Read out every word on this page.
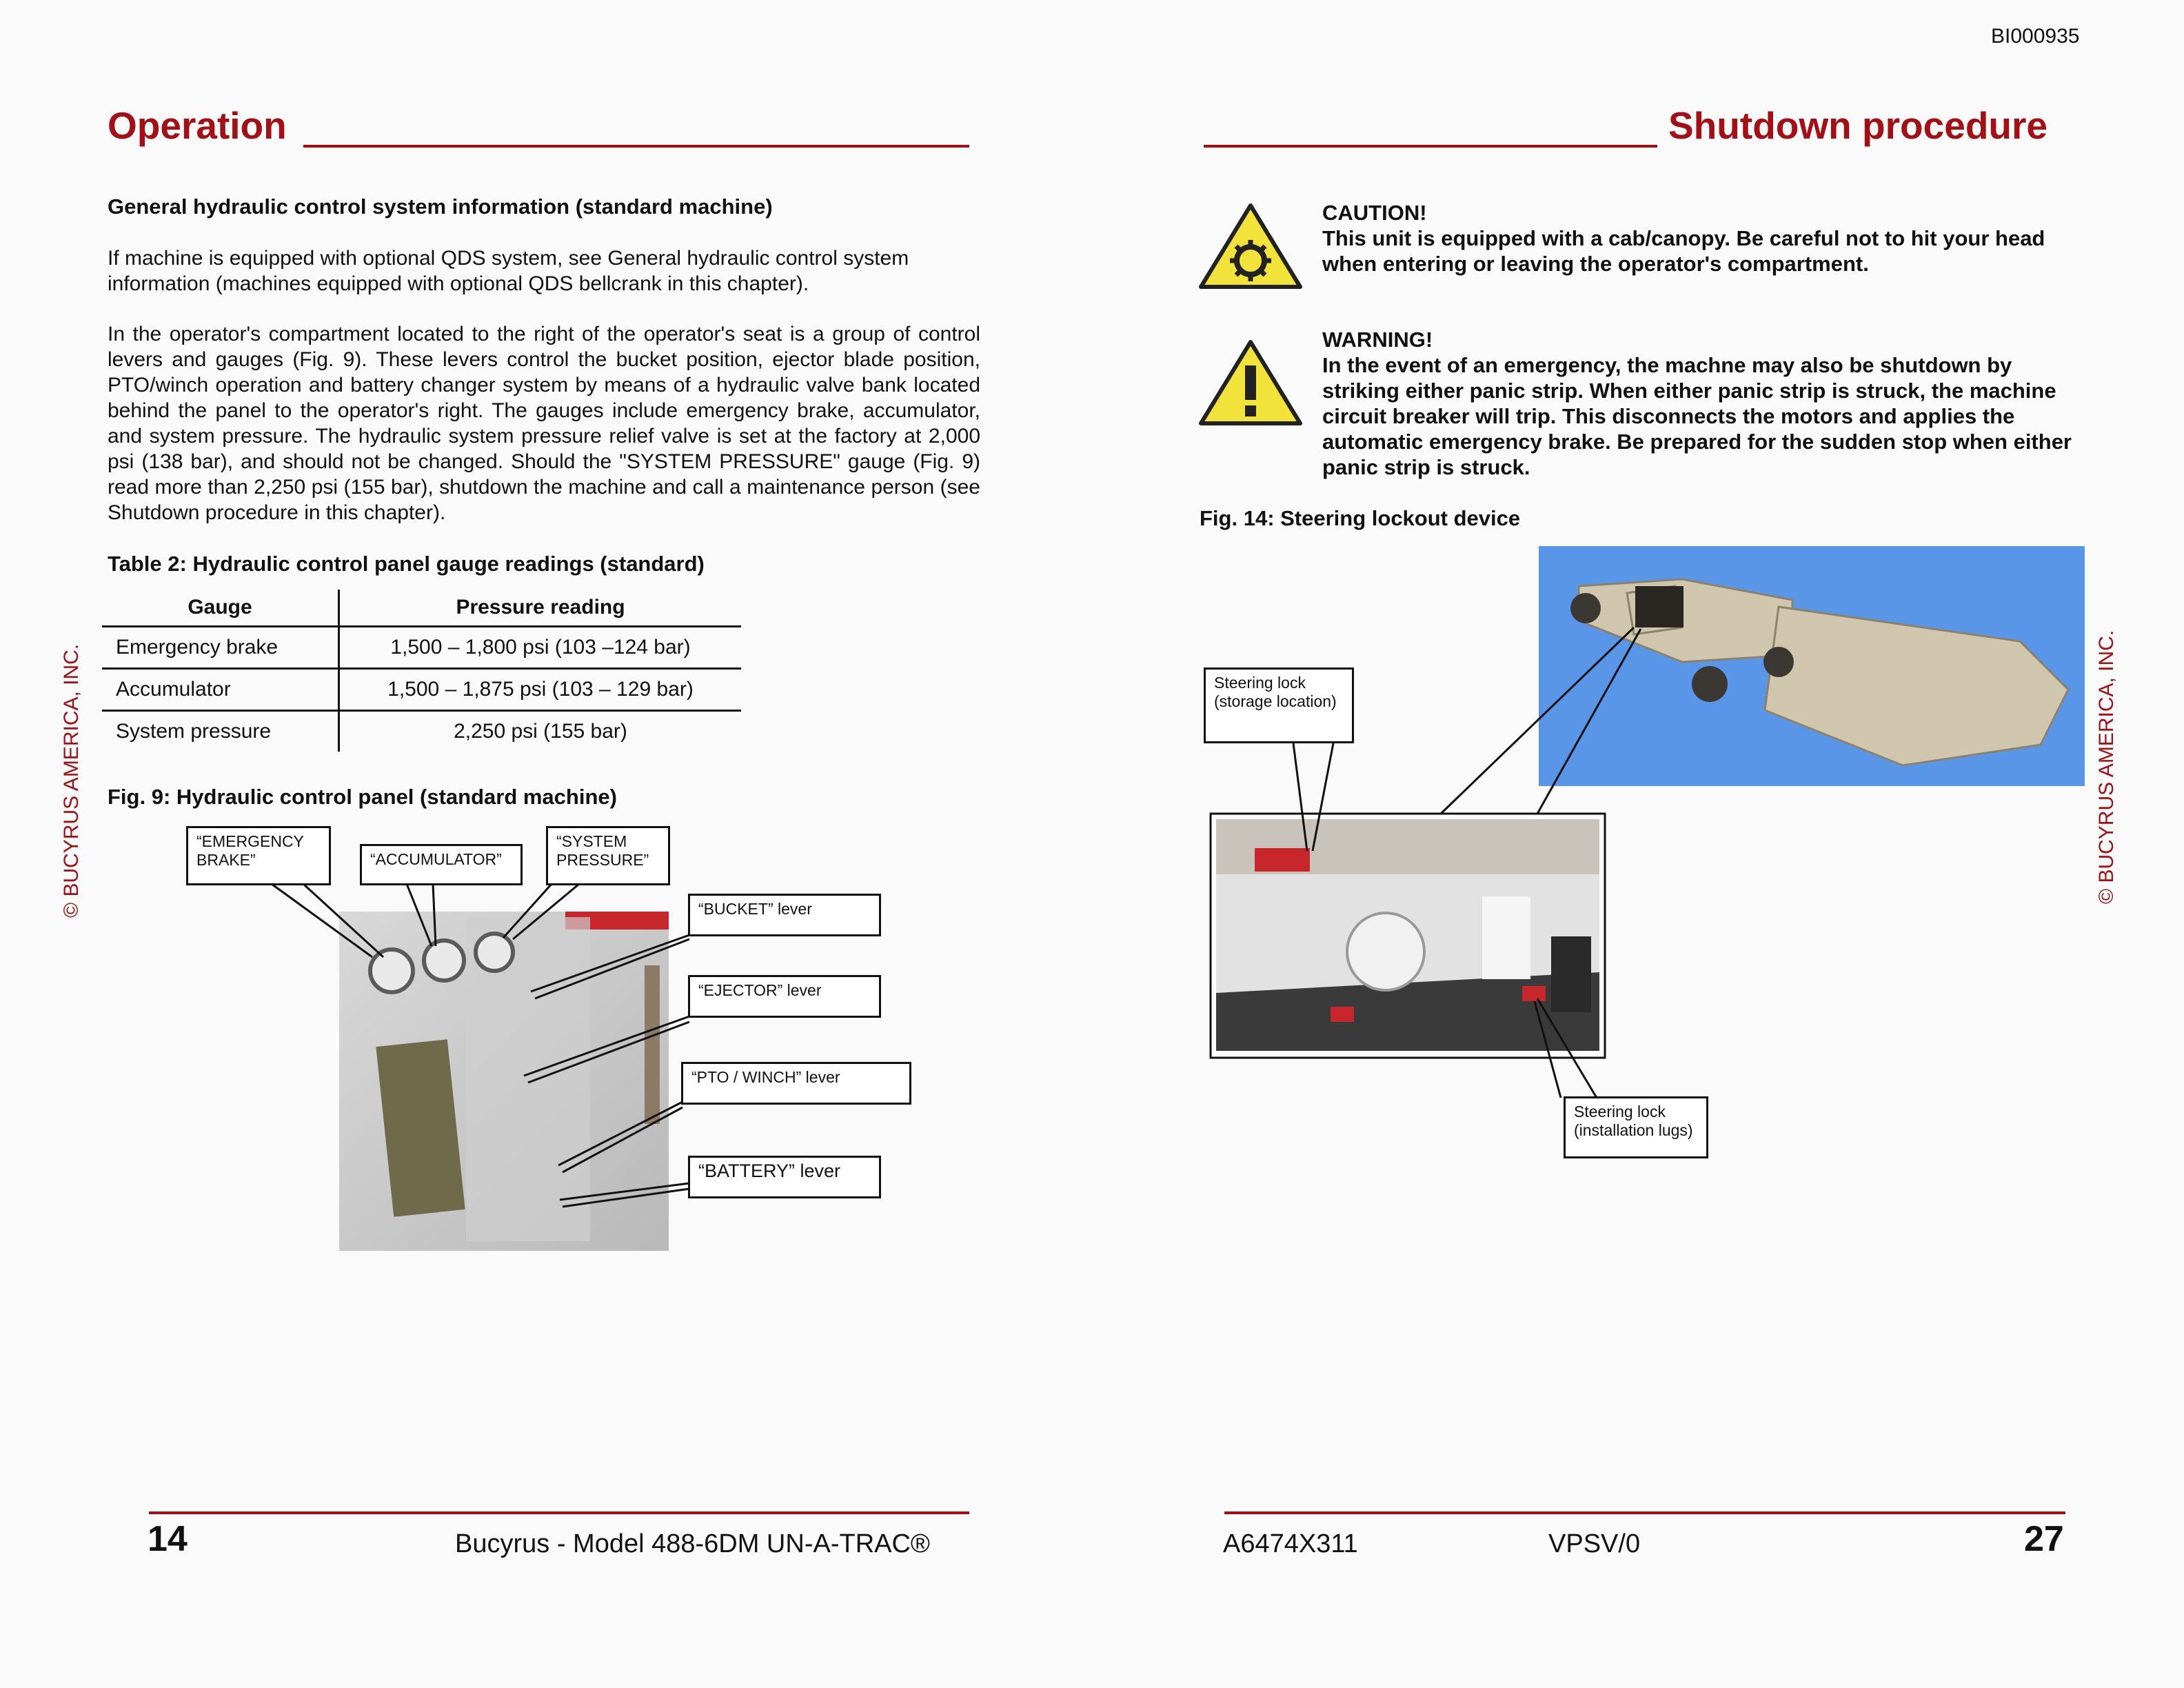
BI000935
Operation
General hydraulic control system information (standard machine)
If machine is equipped with optional QDS system, see General hydraulic control system information (machines equipped with optional QDS bellcrank in this chapter).
In the operator's compartment located to the right of the operator's seat is a group of control levers and gauges (Fig. 9). These levers control the bucket position, ejector blade position, PTO/winch operation and battery changer system by means of a hydraulic valve bank located behind the panel to the operator's right. The gauges include emergency brake, accumulator, and system pressure. The hydraulic system pressure relief valve is set at the factory at 2,000 psi (138 bar), and should not be changed. Should the "SYSTEM PRESSURE" gauge (Fig. 9) read more than 2,250 psi (155 bar), shutdown the machine and call a maintenance person (see Shutdown procedure in this chapter).
Table 2: Hydraulic control panel gauge readings (standard)
Gauge	Pressure reading
Emergency brake	1,500 – 1,800 psi (103 –124 bar)
Accumulator	1,500 – 1,875 psi (103 – 129 bar)
System pressure	2,250 psi (155 bar)
Fig. 9: Hydraulic control panel (standard machine)
“EMERGENCY BRAKE”	“ACCUMULATOR”
“SYSTEM PRESSURE”
“BUCKET” lever
“EJECTOR” lever
“PTO / WINCH” lever
“BATTERY” lever
© BUCYRUS AMERICA, INC.
14	Bucyrus - Model 488-6DM UN-A-TRAC®
Shutdown procedure
CAUTION!
This unit is equipped with a cab/canopy. Be careful not to hit your head when entering or leaving the operator's compartment.
WARNING!
In the event of an emergency, the machne may also be shutdown by striking either panic strip. When either panic strip is struck, the machine circuit breaker will trip. This disconnects the motors and applies the automatic emergency brake. Be prepared for the sudden stop when either panic strip is struck.
Fig. 14: Steering lockout device
Steering lock (storage location)
Steering lock (installation lugs)
© BUCYRUS AMERICA, INC.
A6474X311	VPSV/0	27
